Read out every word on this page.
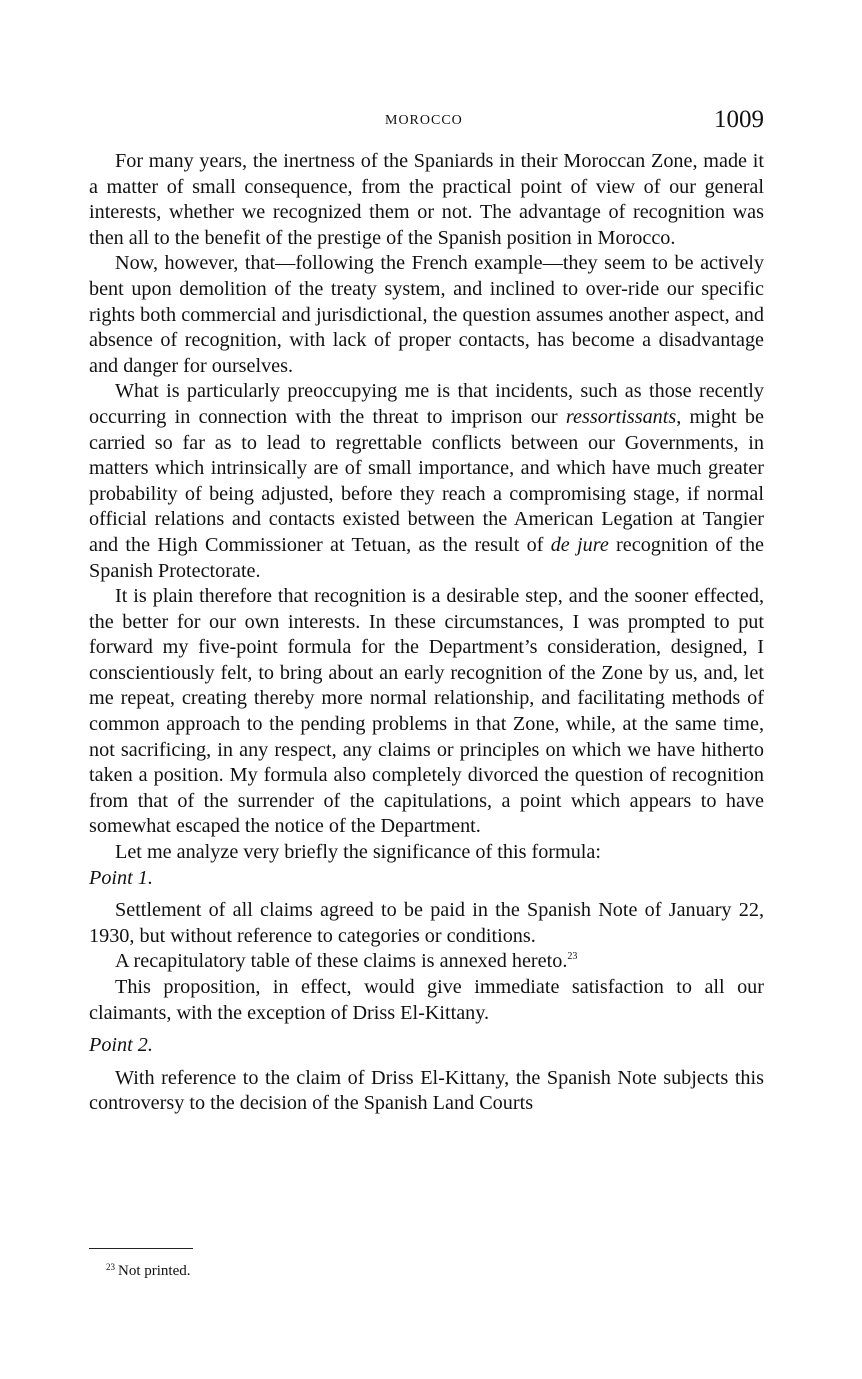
MOROCCO	1009

For many years, the inertness of the Spaniards in their Moroccan Zone, made it a matter of small consequence, from the practical point of view of our general interests, whether we recognized them or not. The advantage of recognition was then all to the benefit of the prestige of the Spanish position in Morocco.

Now, however, that—following the French example—they seem to be actively bent upon demolition of the treaty system, and inclined to over-ride our specific rights both commercial and jurisdictional, the question assumes another aspect, and absence of recognition, with lack of proper contacts, has become a disadvantage and danger for ourselves.

What is particularly preoccupying me is that incidents, such as those recently occurring in connection with the threat to imprison our ressortissants, might be carried so far as to lead to regrettable conflicts between our Governments, in matters which intrinsically are of small importance, and which have much greater probability of being adjusted, before they reach a compromising stage, if normal official relations and contacts existed between the American Legation at Tangier and the High Commissioner at Tetuan, as the result of de jure recognition of the Spanish Protectorate.

It is plain therefore that recognition is a desirable step, and the sooner effected, the better for our own interests. In these circumstances, I was prompted to put forward my five-point formula for the Department’s consideration, designed, I conscientiously felt, to bring about an early recognition of the Zone by us, and, let me repeat, creating thereby more normal relationship, and facilitating methods of common approach to the pending problems in that Zone, while, at the same time, not sacrificing, in any respect, any claims or principles on which we have hitherto taken a position. My formula also completely divorced the question of recognition from that of the surrender of the capitulations, a point which appears to have somewhat escaped the notice of the Department.

Let me analyze very briefly the significance of this formula:

Point 1.

Settlement of all claims agreed to be paid in the Spanish Note of January 22, 1930, but without reference to categories or conditions.

A recapitulatory table of these claims is annexed hereto.$^{23}$

This proposition, in effect, would give immediate satisfaction to all our claimants, with the exception of Driss El-Kittany.

Point 2.

With reference to the claim of Driss El-Kittany, the Spanish Note subjects this controversy to the decision of the Spanish Land Courts

$^{23}$ Not printed.
